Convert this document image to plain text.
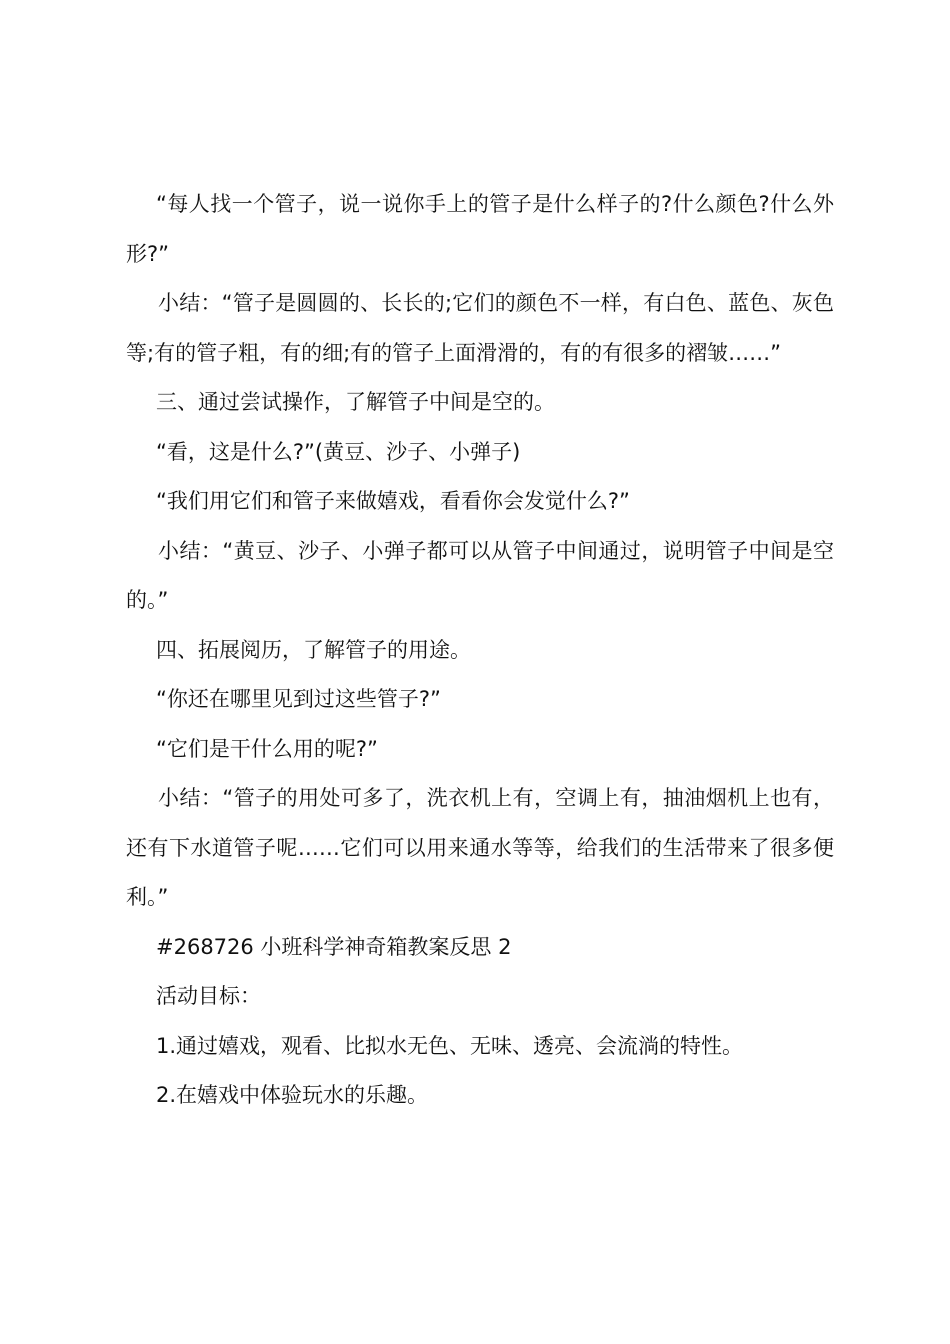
“每人找一个管子，说一说你手上的管子是什么样子的?什么颜色?什么外形?”

小结：“管子是圆圆的、长长的;它们的颜色不一样，有白色、蓝色、灰色等;有的管子粗，有的细;有的管子上面滑滑的，有的有很多的褶皱……”

三、通过尝试操作，了解管子中间是空的。

“看，这是什么?”(黄豆、沙子、小弹子)

“我们用它们和管子来做嬉戏，看看你会发觉什么?”

小结：“黄豆、沙子、小弹子都可以从管子中间通过，说明管子中间是空的。”

四、拓展阅历，了解管子的用途。

“你还在哪里见到过这些管子?”

“它们是干什么用的呢?”

小结：“管子的用处可多了，洗衣机上有，空调上有，抽油烟机上也有，还有下水道管子呢……它们可以用来通水等等，给我们的生活带来了很多便利。”

#268726 小班科学神奇箱教案反思 2

活动目标：

1.通过嬉戏，观看、比拟水无色、无味、透亮、会流淌的特性。

2.在嬉戏中体验玩水的乐趣。
